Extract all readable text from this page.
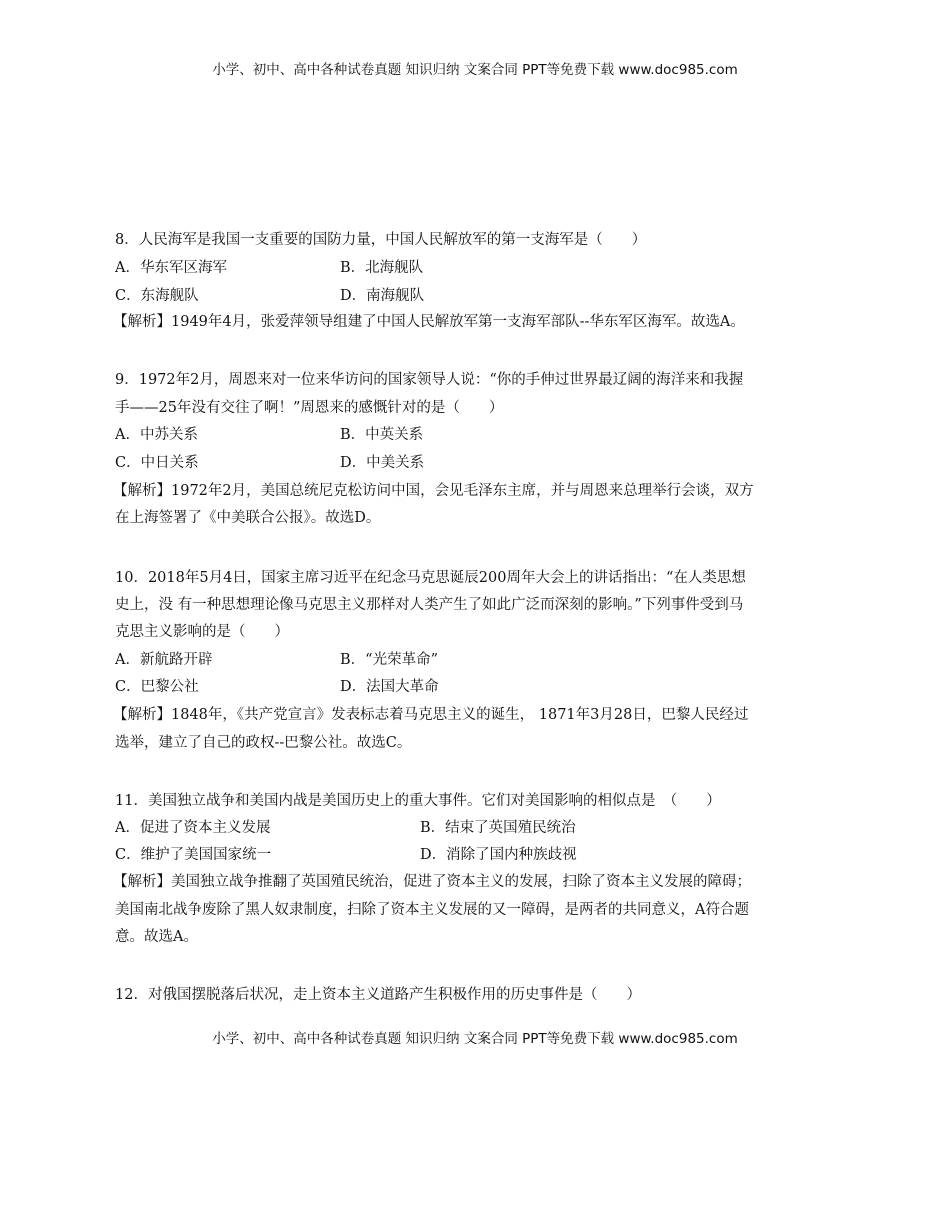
小学、初中、高中各种试卷真题 知识归纳 文案合同 PPT等免费下载 www.doc985.com
8．人民海军是我国一支重要的国防力量，中国人民解放军的第一支海军是（　　）
A．华东军区海军	B．北海舰队
C．东海舰队	D．南海舰队
【解析】1949年4月，张爱萍领导组建了中国人民解放军第一支海军部队--华东军区海军。故选A。
9．1972年2月，周恩来对一位来华访问的国家领导人说：“你的手伸过世界最辽阔的海洋来和我握
手——25年没有交往了啊！”周恩来的感慨针对的是（　　）
A．中苏关系	B．中英关系
C．中日关系	D．中美关系
【解析】1972年2月，美国总统尼克松访问中国，会见毛泽东主席，并与周恩来总理举行会谈，双方
在上海签署了《中美联合公报》。故选D。
10．2018年5月4日，国家主席习近平在纪念马克思诞辰200周年大会上的讲话指出：“在人类思想
史上，没 有一种思想理论像马克思主义那样对人类产生了如此广泛而深刻的影响。”下列事件受到马
克思主义影响的是（　　）
A．新航路开辟	B．“光荣革命”
C．巴黎公社	D．法国大革命
【解析】1848年，《共产党宣言》发表标志着马克思主义的诞生， 1871年3月28日，巴黎人民经过
选举，建立了自己的政权--巴黎公社。故选C。
11．美国独立战争和美国内战是美国历史上的重大事件。它们对美国影响的相似点是　（　　）
A．促进了资本主义发展	B．结束了英国殖民统治
C．维护了美国国家统一	D．消除了国内种族歧视
【解析】美国独立战争推翻了英国殖民统治，促进了资本主义的发展，扫除了资本主义发展的障碍；
美国南北战争废除了黑人奴隶制度，扫除了资本主义发展的又一障碍，是两者的共同意义，A符合题
意。故选A。
12．对俄国摆脱落后状况，走上资本主义道路产生积极作用的历史事件是（　　）
小学、初中、高中各种试卷真题 知识归纳 文案合同 PPT等免费下载 www.doc985.com
